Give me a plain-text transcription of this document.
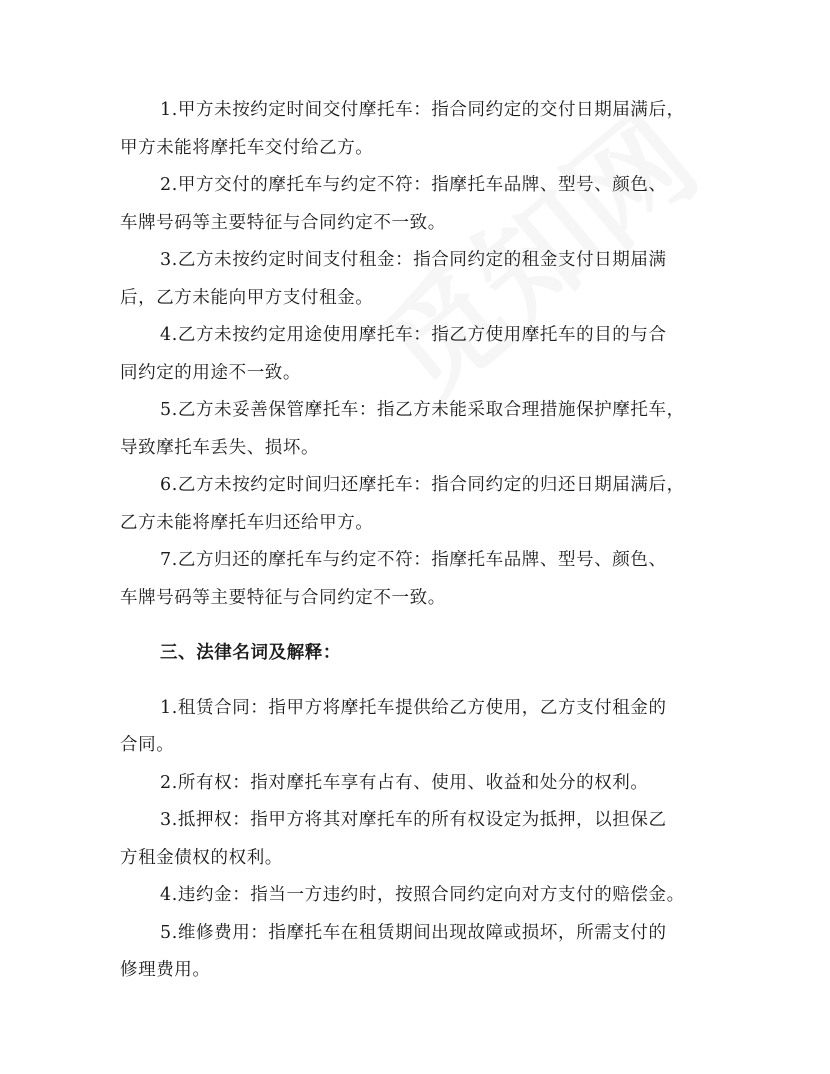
1.甲方未按约定时间交付摩托车：指合同约定的交付日期届满后，

甲方未能将摩托车交付给乙方。

2.甲方交付的摩托车与约定不符：指摩托车品牌、型号、颜色、

车牌号码等主要特征与合同约定不一致。

3.乙方未按约定时间支付租金：指合同约定的租金支付日期届满

后，乙方未能向甲方支付租金。

4.乙方未按约定用途使用摩托车：指乙方使用摩托车的目的与合

同约定的用途不一致。

5.乙方未妥善保管摩托车：指乙方未能采取合理措施保护摩托车，

导致摩托车丢失、损坏。

6.乙方未按约定时间归还摩托车：指合同约定的归还日期届满后，

乙方未能将摩托车归还给甲方。

7.乙方归还的摩托车与约定不符：指摩托车品牌、型号、颜色、

车牌号码等主要特征与合同约定不一致。

三、法律名词及解释：

1.租赁合同：指甲方将摩托车提供给乙方使用，乙方支付租金的

合同。

2.所有权：指对摩托车享有占有、使用、收益和处分的权利。

3.抵押权：指甲方将其对摩托车的所有权设定为抵押，以担保乙

方租金债权的权利。

4.违约金：指当一方违约时，按照合同约定向对方支付的赔偿金。

5.维修费用：指摩托车在租赁期间出现故障或损坏，所需支付的

修理费用。
